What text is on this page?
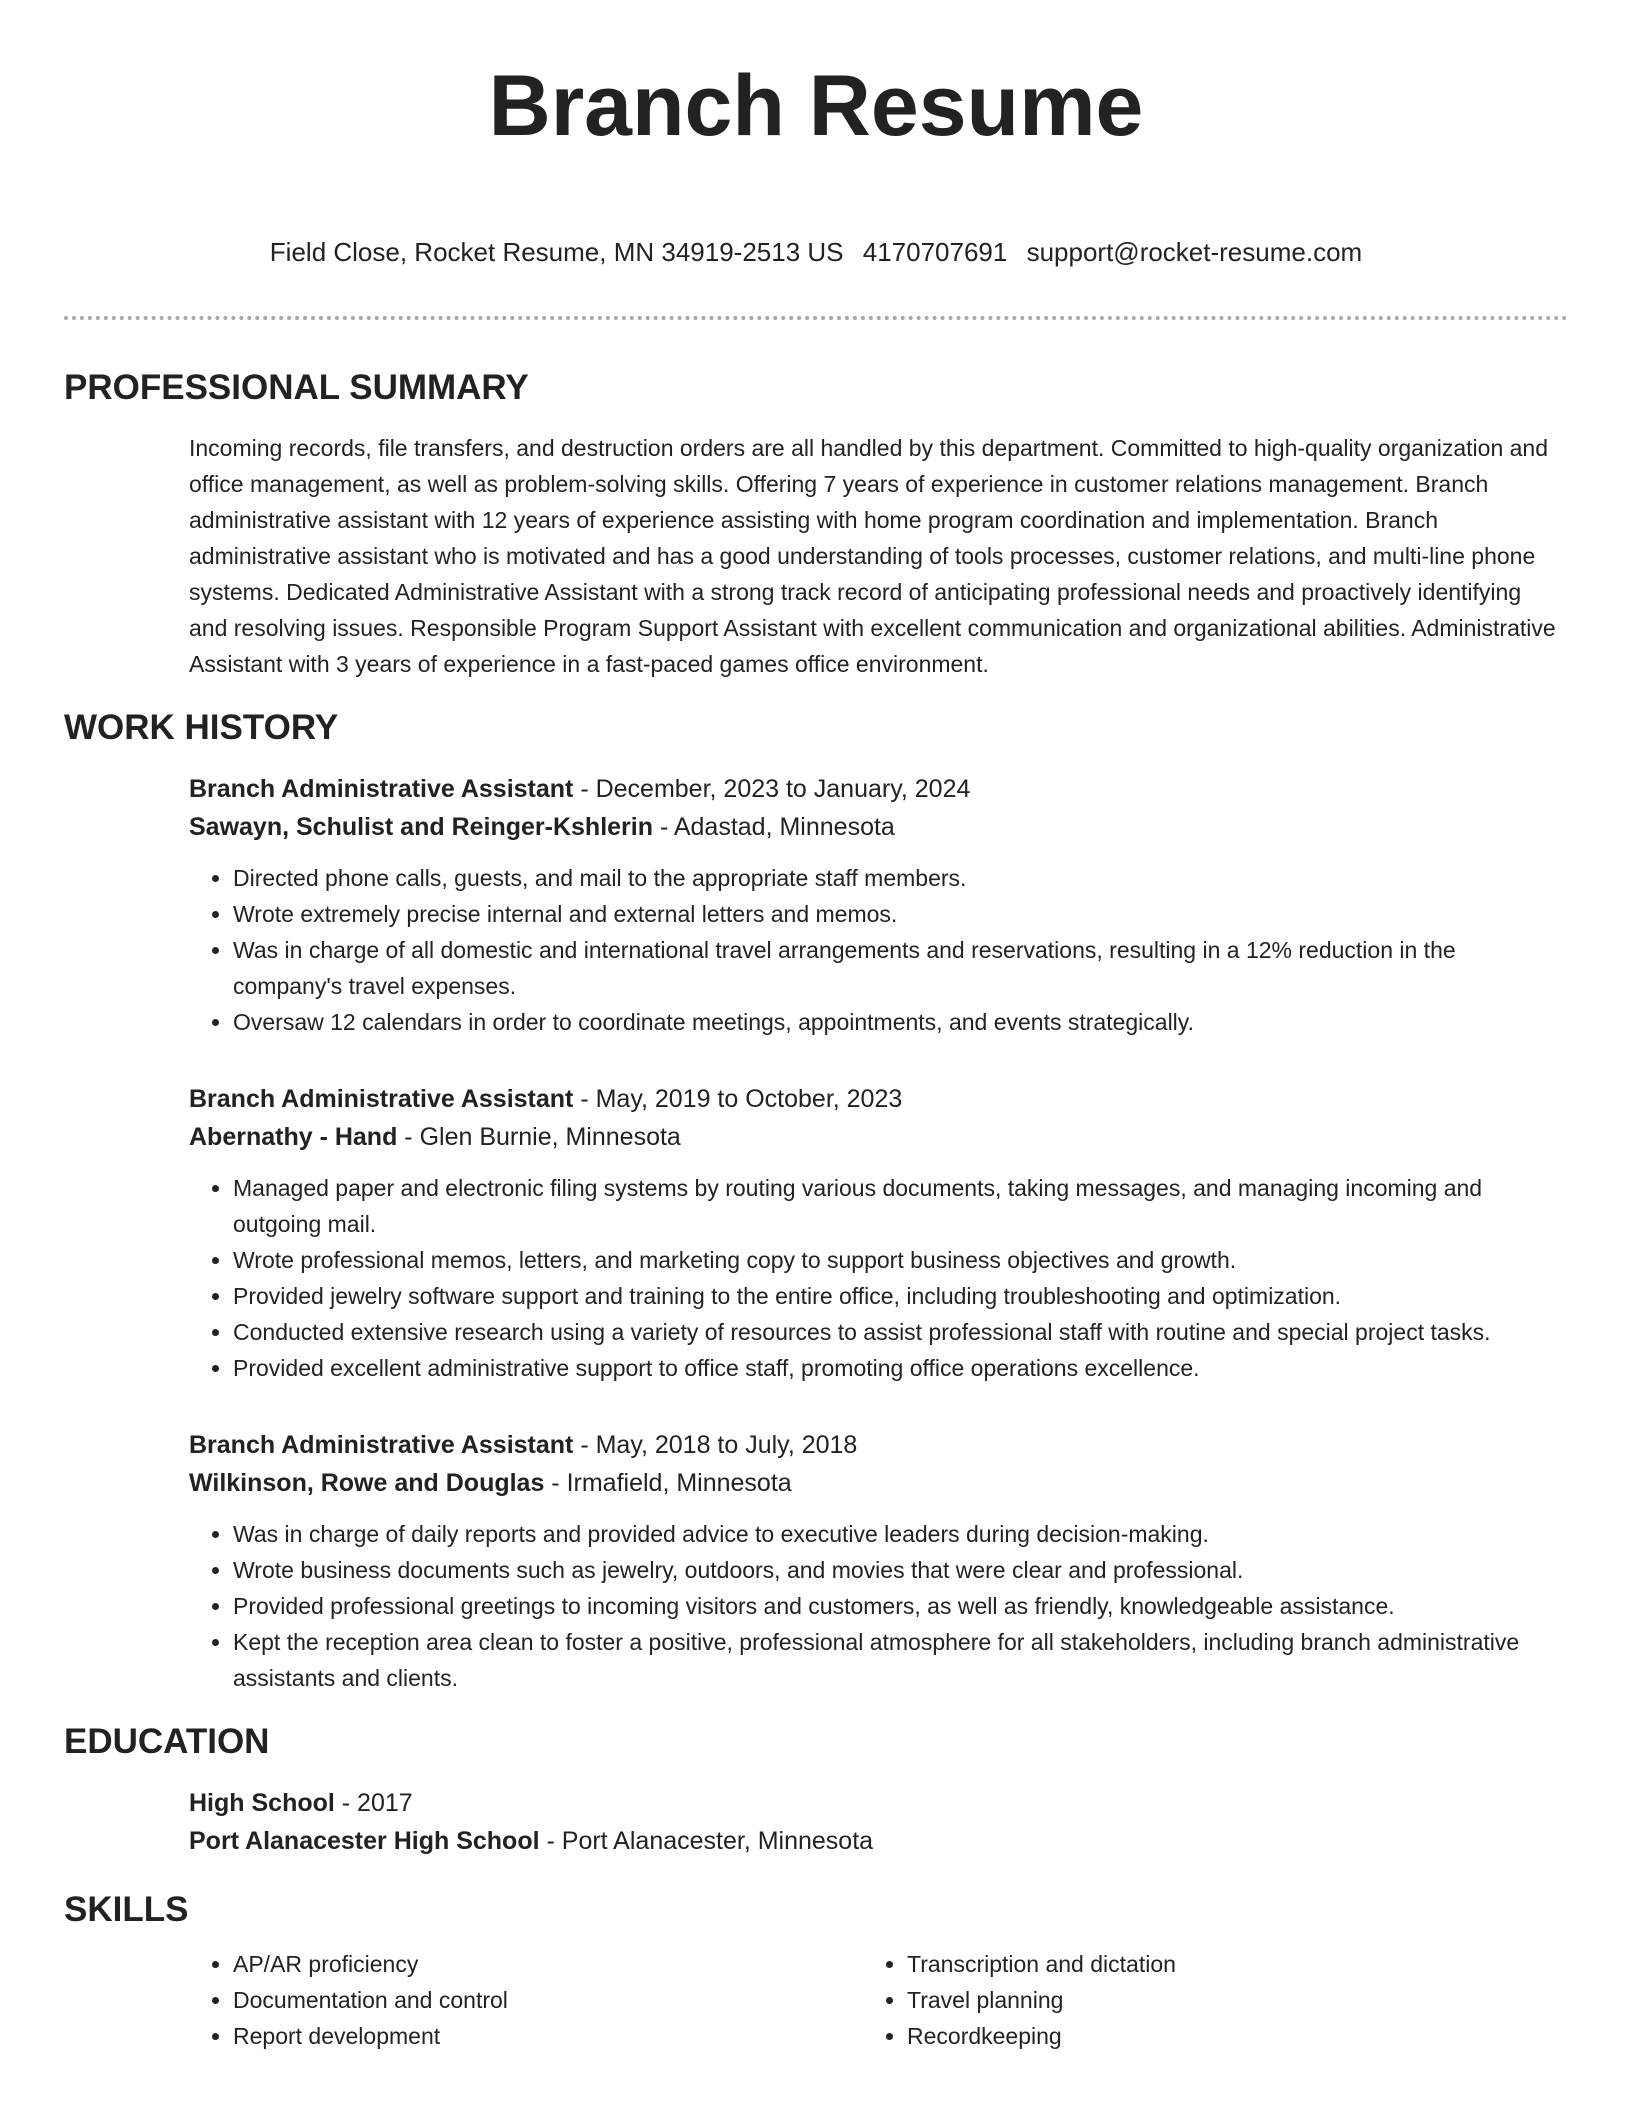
Branch Resume
Field Close, Rocket Resume, MN 34919-2513 US 4170707691 support@rocket-resume.com
PROFESSIONAL SUMMARY
Incoming records, file transfers, and destruction orders are all handled by this department. Committed to high-quality organization and office management, as well as problem-solving skills. Offering 7 years of experience in customer relations management. Branch administrative assistant with 12 years of experience assisting with home program coordination and implementation. Branch administrative assistant who is motivated and has a good understanding of tools processes, customer relations, and multi-line phone systems. Dedicated Administrative Assistant with a strong track record of anticipating professional needs and proactively identifying and resolving issues. Responsible Program Support Assistant with excellent communication and organizational abilities. Administrative Assistant with 3 years of experience in a fast-paced games office environment.
WORK HISTORY
Branch Administrative Assistant - December, 2023 to January, 2024
Sawayn, Schulist and Reinger-Kshlerin - Adastad, Minnesota
• Directed phone calls, guests, and mail to the appropriate staff members.
• Wrote extremely precise internal and external letters and memos.
• Was in charge of all domestic and international travel arrangements and reservations, resulting in a 12% reduction in the company's travel expenses.
• Oversaw 12 calendars in order to coordinate meetings, appointments, and events strategically.
Branch Administrative Assistant - May, 2019 to October, 2023
Abernathy - Hand - Glen Burnie, Minnesota
• Managed paper and electronic filing systems by routing various documents, taking messages, and managing incoming and outgoing mail.
• Wrote professional memos, letters, and marketing copy to support business objectives and growth.
• Provided jewelry software support and training to the entire office, including troubleshooting and optimization.
• Conducted extensive research using a variety of resources to assist professional staff with routine and special project tasks.
• Provided excellent administrative support to office staff, promoting office operations excellence.
Branch Administrative Assistant - May, 2018 to July, 2018
Wilkinson, Rowe and Douglas - Irmafield, Minnesota
• Was in charge of daily reports and provided advice to executive leaders during decision-making.
• Wrote business documents such as jewelry, outdoors, and movies that were clear and professional.
• Provided professional greetings to incoming visitors and customers, as well as friendly, knowledgeable assistance.
• Kept the reception area clean to foster a positive, professional atmosphere for all stakeholders, including branch administrative assistants and clients.
EDUCATION
High School - 2017
Port Alanacester High School - Port Alanacester, Minnesota
SKILLS
• AP/AR proficiency
• Documentation and control
• Report development
• Transcription and dictation
• Travel planning
• Recordkeeping
